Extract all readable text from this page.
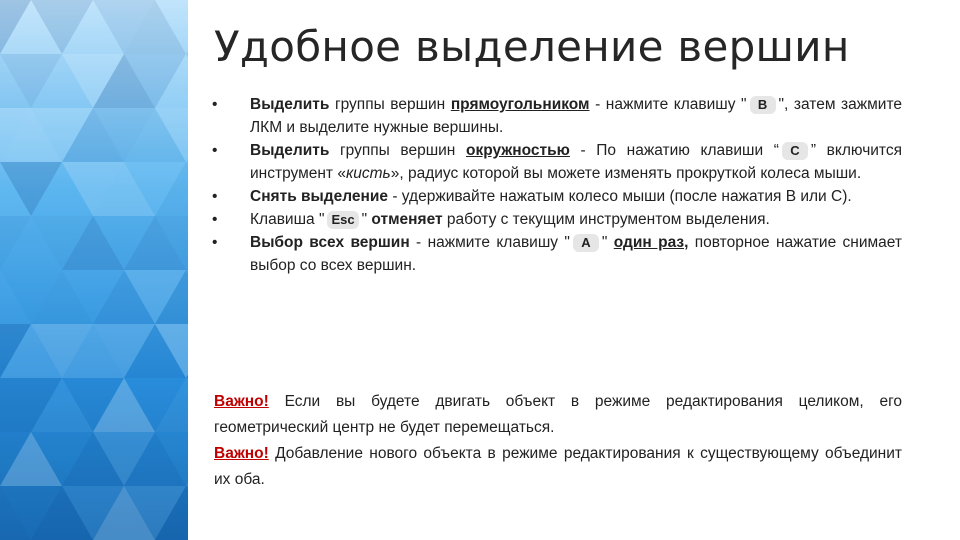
Удобное выделение вершин
• Выделить группы вершин прямоугольником - нажмите клавишу " B ", затем зажмите ЛКМ и выделите нужные вершины.
• Выделить группы вершин окружностью - По нажатию клавиши “ C ” включится инструмент «кисть», радиус которой вы можете изменять прокруткой колеса мыши.
• Снять выделение - удерживайте нажатым колесо мыши (после нажатия В или С).
• Клавиша " Esc " отменяет работу с текущим инструментом выделения.
• Выбор всех вершин - нажмите клавишу " A " один раз, повторное нажатие снимает выбор со всех вершин.
Важно! Если вы будете двигать объект в режиме редактирования целиком, его геометрический центр не будет перемещаться.
Важно! Добавление нового объекта в режиме редактирования к существующему объединит их оба.
